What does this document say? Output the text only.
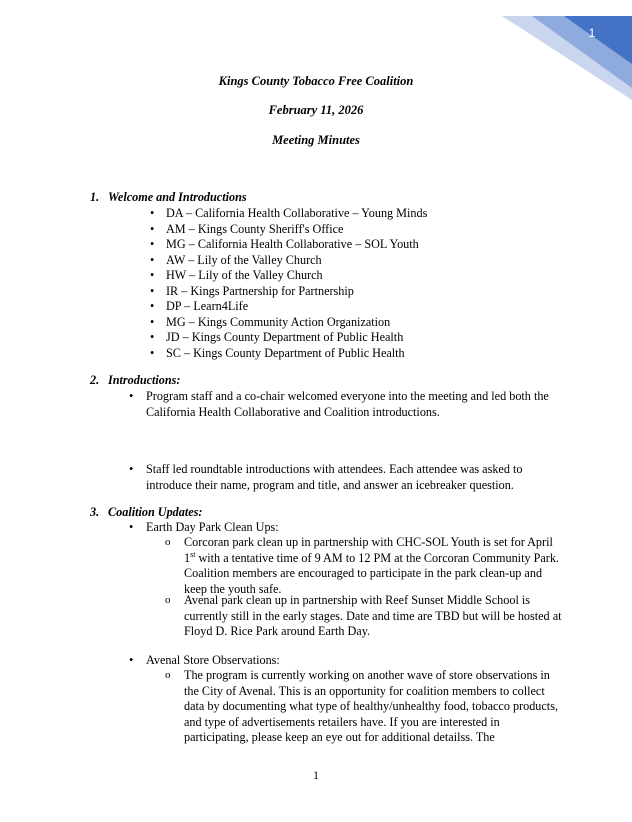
1
Kings County Tobacco Free Coalition
February 11, 2026
Meeting Minutes
1. Welcome and Introductions
• DA – California Health Collaborative – Young Minds
• AM – Kings County Sheriff's Office
• MG – California Health Collaborative – SOL Youth
• AW – Lily of the Valley Church
• HW – Lily of the Valley Church
• IR – Kings Partnership for Partnership
• DP – Learn4Life
• MG – Kings Community Action Organization
• JD – Kings County Department of Public Health
• SC – Kings County Department of Public Health
2. Introductions:
• Program staff and a co-chair welcomed everyone into the meeting and led both the California Health Collaborative and Coalition introductions.
• Staff led roundtable introductions with attendees. Each attendee was asked to introduce their name, program and title, and answer an icebreaker question.
3. Coalition Updates:
• Earth Day Park Clean Ups:
o Corcoran park clean up in partnership with CHC-SOL Youth is set for April 1st with a tentative time of 9 AM to 12 PM at the Corcoran Community Park. Coalition members are encouraged to participate in the park clean-up and keep the youth safe.
o Avenal park clean up in partnership with Reef Sunset Middle School is currently still in the early stages. Date and time are TBD but will be hosted at Floyd D. Rice Park around Earth Day.
• Avenal Store Observations:
o The program is currently working on another wave of store observations in the City of Avenal. This is an opportunity for coalition members to collect data by documenting what type of healthy/unhealthy food, tobacco products, and type of advertisements retailers have. If you are interested in participating, please keep an eye out for additional detailss. The
1
